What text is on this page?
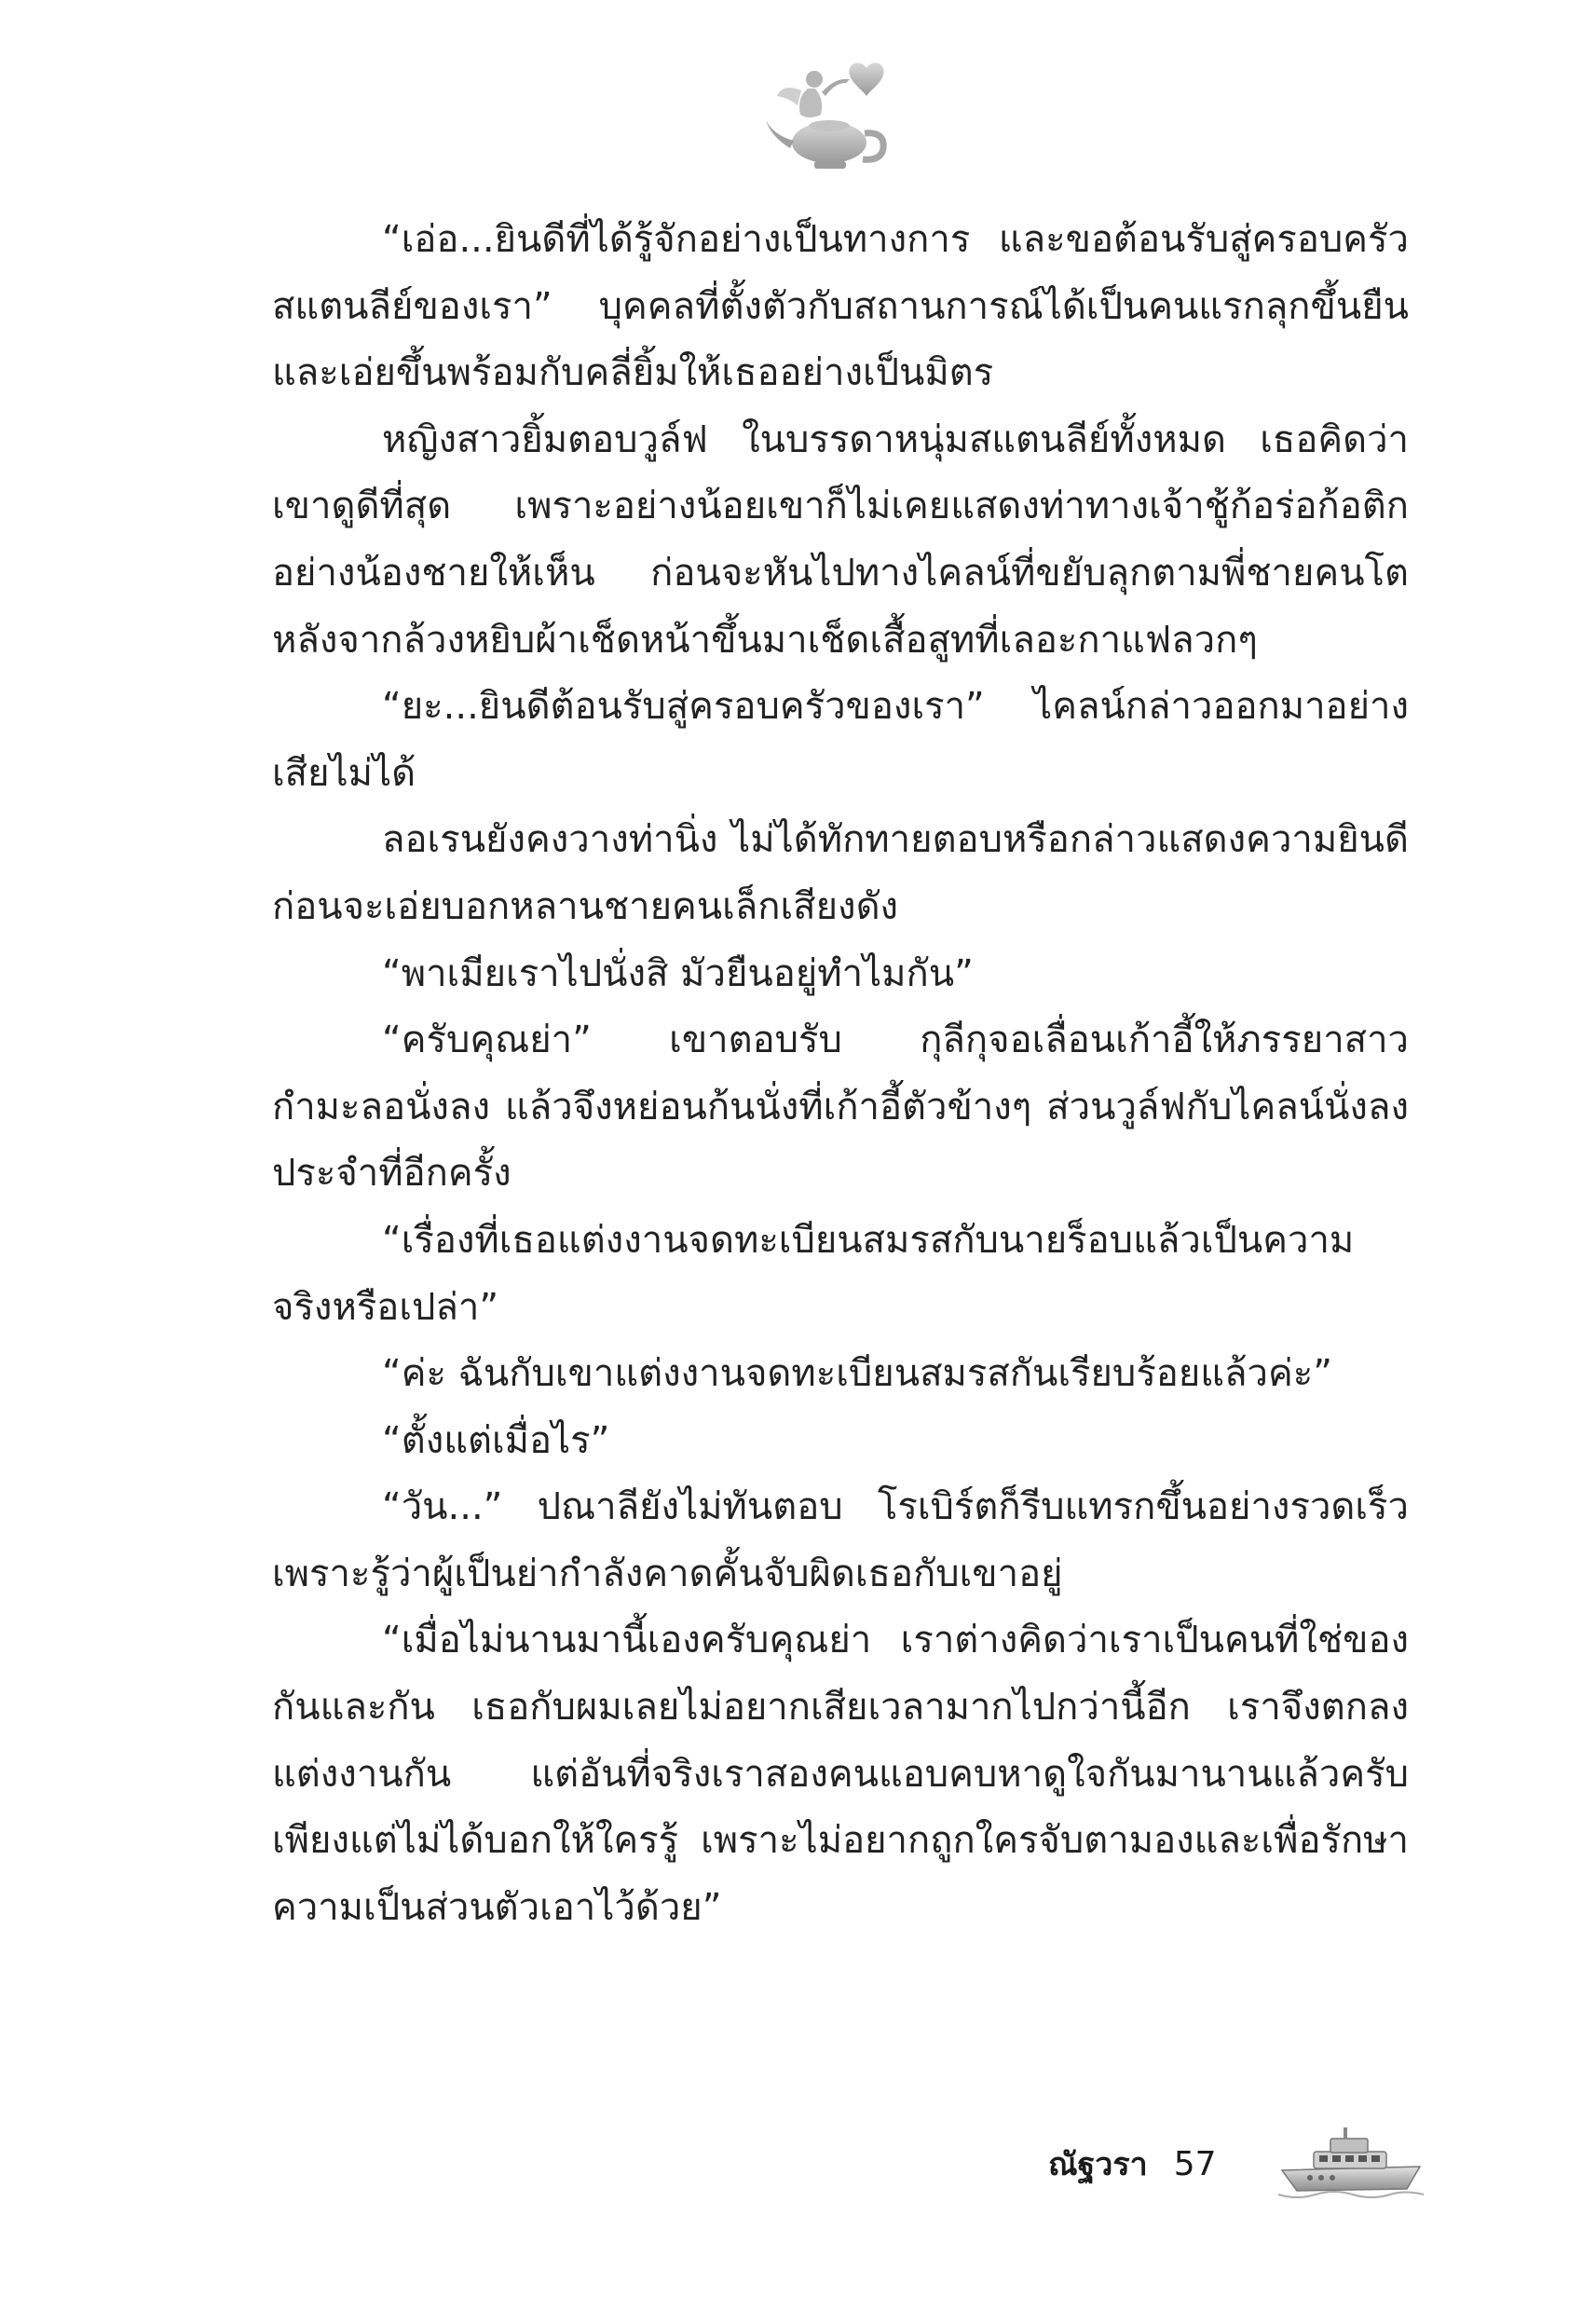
“เอ่อ...ยินดีที่ได้รู้จักอย่างเป็นทางการ และขอต้อนรับสู่ครอบครัวสแตนลีย์ของเรา” บุคคลที่ตั้งตัวกับสถานการณ์ได้เป็นคนแรกลุกขึ้นยืนและเอ่ยขึ้นพร้อมกับคลี่ยิ้มให้เธออย่างเป็นมิตร

หญิงสาวยิ้มตอบวูล์ฟ ในบรรดาหนุ่มสแตนลีย์ทั้งหมด เธอคิดว่าเขาดูดีที่สุด เพราะอย่างน้อยเขาก็ไม่เคยแสดงท่าทางเจ้าชู้ก้อร่อก้อติกอย่างน้องชายให้เห็น ก่อนจะหันไปทางไคลน์ที่ขยับลุกตามพี่ชายคนโตหลังจากล้วงหยิบผ้าเช็ดหน้าขึ้นมาเช็ดเสื้อสูทที่เลอะกาแฟลวกๆ

“ยะ...ยินดีต้อนรับสู่ครอบครัวของเรา” ไคลน์กล่าวออกมาอย่างเสียไม่ได้

ลอเรนยังคงวางท่านิ่ง ไม่ได้ทักทายตอบหรือกล่าวแสดงความยินดีก่อนจะเอ่ยบอกหลานชายคนเล็กเสียงดัง

“พาเมียเราไปนั่งสิ มัวยืนอยู่ทำไมกัน”

“ครับคุณย่า” เขาตอบรับ กุลีกุจอเลื่อนเก้าอี้ให้ภรรยาสาวกำมะลอนั่งลง แล้วจึงหย่อนก้นนั่งที่เก้าอี้ตัวข้างๆ ส่วนวูล์ฟกับไคลน์นั่งลงประจำที่อีกครั้ง

“เรื่องที่เธอแต่งงานจดทะเบียนสมรสกับนายร็อบแล้วเป็นความจริงหรือเปล่า”

“ค่ะ ฉันกับเขาแต่งงานจดทะเบียนสมรสกันเรียบร้อยแล้วค่ะ”

“ตั้งแต่เมื่อไร”

“วัน...” ปณาลียังไม่ทันตอบ โรเบิร์ตก็รีบแทรกขึ้นอย่างรวดเร็วเพราะรู้ว่าผู้เป็นย่ากำลังคาดคั้นจับผิดเธอกับเขาอยู่

“เมื่อไม่นานมานี้เองครับคุณย่า เราต่างคิดว่าเราเป็นคนที่ใช่ของกันและกัน เธอกับผมเลยไม่อยากเสียเวลามากไปกว่านี้อีก เราจึงตกลงแต่งงานกัน แต่อันที่จริงเราสองคนแอบคบหาดูใจกันมานานแล้วครับ เพียงแต่ไม่ได้บอกให้ใครรู้ เพราะไม่อยากถูกใครจับตามองและเพื่อรักษาความเป็นส่วนตัวเอาไว้ด้วย”

ณัฐวรา 57
